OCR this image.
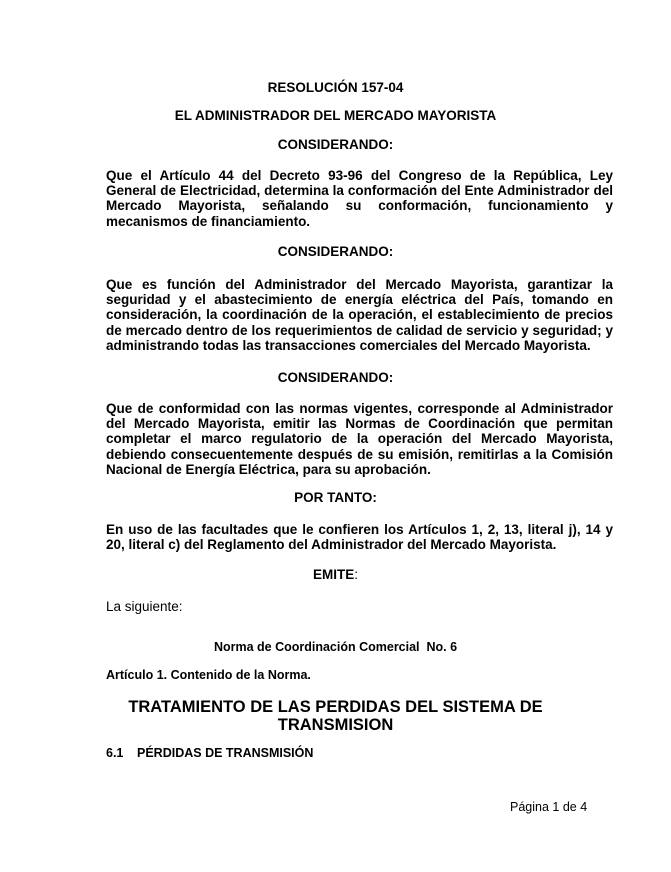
RESOLUCIÓN 157-04
EL ADMINISTRADOR DEL MERCADO MAYORISTA
CONSIDERANDO:
Que el Artículo 44 del Decreto 93-96 del Congreso de la República, Ley General de Electricidad, determina la conformación del Ente Administrador del Mercado Mayorista, señalando su conformación, funcionamiento y mecanismos de financiamiento.
CONSIDERANDO:
Que es función del Administrador del Mercado Mayorista, garantizar la seguridad y el abastecimiento de energía eléctrica del País, tomando en consideración, la coordinación de la operación, el establecimiento de precios de mercado dentro de los requerimientos de calidad de servicio y seguridad; y administrando todas las transacciones comerciales del Mercado Mayorista.
CONSIDERANDO:
Que de conformidad con las normas vigentes, corresponde al Administrador del Mercado Mayorista, emitir las Normas de Coordinación que permitan completar el marco regulatorio de la operación del Mercado Mayorista, debiendo consecuentemente después de su emisión, remitirlas a la Comisión Nacional de Energía Eléctrica, para su aprobación.
POR TANTO:
En uso de las facultades que le confieren los Artículos 1, 2, 13, literal j), 14 y 20, literal c) del Reglamento del Administrador del Mercado Mayorista.
EMITE:
La siguiente:
Norma de Coordinación Comercial  No. 6
Artículo 1. Contenido de la Norma.
TRATAMIENTO DE LAS PERDIDAS DEL SISTEMA DE
TRANSMISION
6.1 PÉRDIDAS DE TRANSMISIÓN
Página 1 de 4
